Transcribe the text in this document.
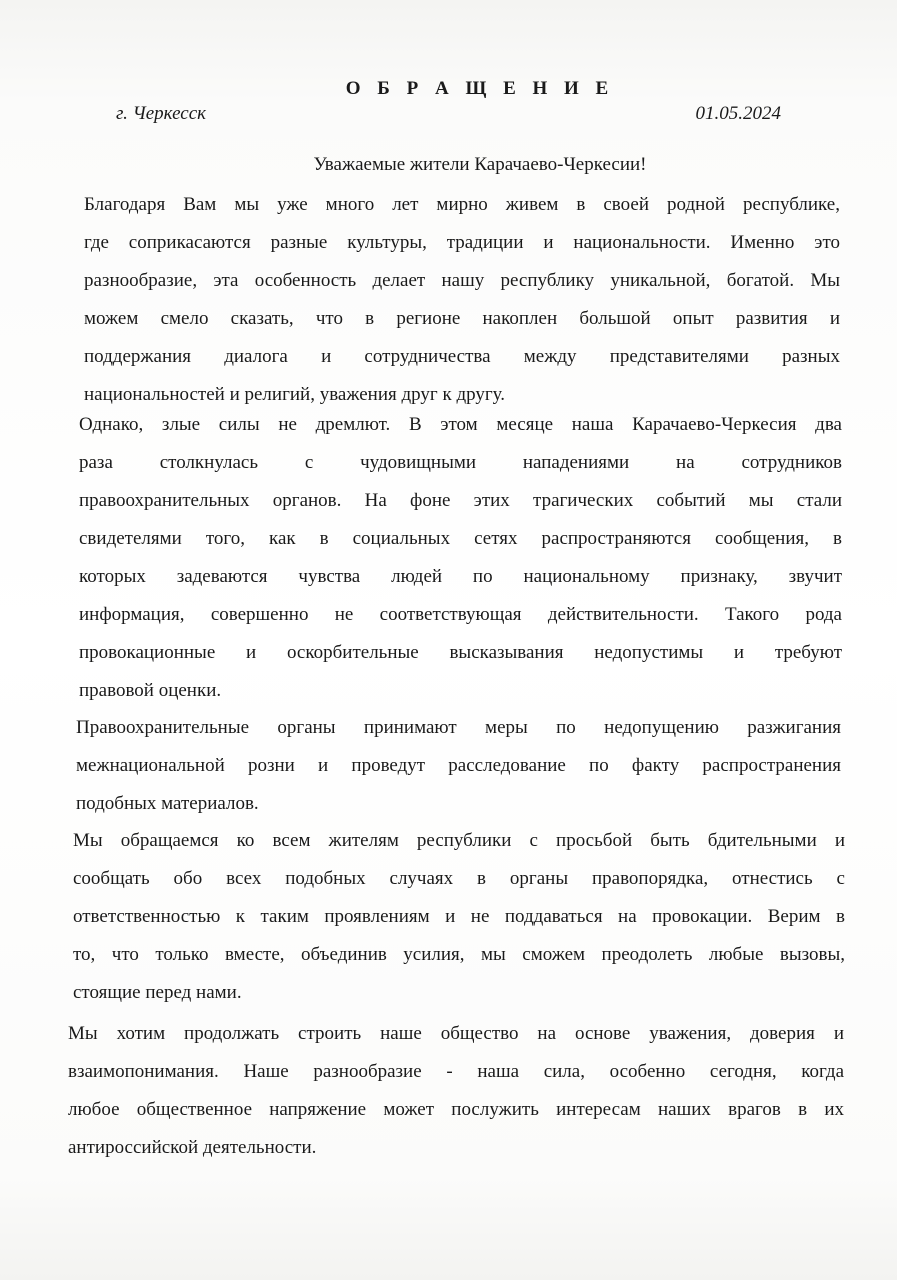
О Б Р А Щ Е Н И Е
г. Черкесск	01.05.2024
Уважаемые жители Карачаево-Черкесии!
Благодаря Вам мы уже много лет мирно живем в своей родной республике,
где соприкасаются разные культуры, традиции и национальности. Именно это
разнообразие, эта особенность делает нашу республику уникальной, богатой. Мы
можем смело сказать, что в регионе накоплен большой опыт развития и
поддержания диалога и сотрудничества между представителями разных
национальностей и религий, уважения друг к другу.
Однако, злые силы не дремлют. В этом месяце наша Карачаево-Черкесия два
раза столкнулась с чудовищными нападениями на сотрудников
правоохранительных органов. На фоне этих трагических событий мы стали
свидетелями того, как в социальных сетях распространяются сообщения, в
которых задеваются чувства людей по национальному признаку, звучит
информация, совершенно не соответствующая действительности. Такого рода
провокационные и оскорбительные высказывания недопустимы и требуют
правовой оценки.
Правоохранительные органы принимают меры по недопущению разжигания
межнациональной розни и проведут расследование по факту распространения
подобных материалов.
Мы обращаемся ко всем жителям республики с просьбой быть бдительными и
сообщать обо всех подобных случаях в органы правопорядка, отнестись с
ответственностью к таким проявлениям и не поддаваться на провокации. Верим в
то, что только вместе, объединив усилия, мы сможем преодолеть любые вызовы,
стоящие перед нами.
Мы хотим продолжать строить наше общество на основе уважения, доверия и
взаимопонимания. Наше разнообразие - наша сила, особенно сегодня, когда
любое общественное напряжение может послужить интересам наших врагов в их
антироссийской деятельности.
